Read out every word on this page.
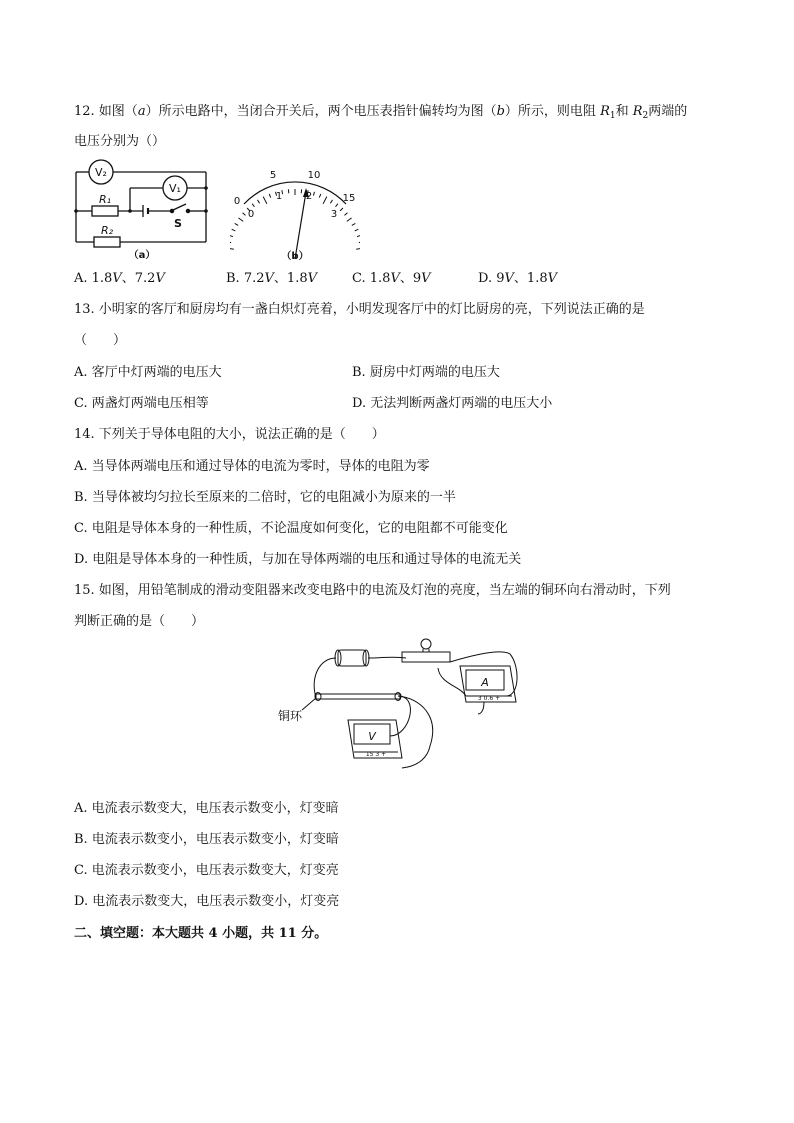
12. 如图（a）所示电路中，当闭合开关后，两个电压表指针偏转均为图（b）所示，则电阻 $R_1$和 $R_2$两端的
电压分别为（）
V₂
V₁
R₁
R₂
S
（a）
0
5	10
15
0
1 2
3
（b）
A. 1.8V、7.2V	B. 7.2V、1.8V	C. 1.8V、9V	D. 9V、1.8V
13. 小明家的客厅和厨房均有一盏白炽灯亮着，小明发现客厅中的灯比厨房的亮，下列说法正确的是
（　　）
A. 客厅中灯两端的电压大	B. 厨房中灯两端的电压大
C. 两盏灯两端电压相等	D. 无法判断两盏灯两端的电压大小
14. 下列关于导体电阻的大小，说法正确的是（　　）
A. 当导体两端电压和通过导体的电流为零时，导体的电阻为零
B. 当导体被均匀拉长至原来的二倍时，它的电阻减小为原来的一半
C. 电阻是导体本身的一种性质，不论温度如何变化，它的电阻都不可能变化
D. 电阻是导体本身的一种性质，与加在导体两端的电压和通过导体的电流无关
15. 如图，用铅笔制成的滑动变阻器来改变电路中的电流及灯泡的亮度，当左端的铜环向右滑动时，下列
判断正确的是（　　）
铜环
A
3 0.6 +
V
15 3 +
A. 电流表示数变大，电压表示数变小，灯变暗
B. 电流表示数变小，电压表示数变小，灯变暗
C. 电流表示数变小，电压表示数变大，灯变亮
D. 电流表示数变大，电压表示数变小，灯变亮
二、填空题：本大题共 4 小题，共 11 分。
